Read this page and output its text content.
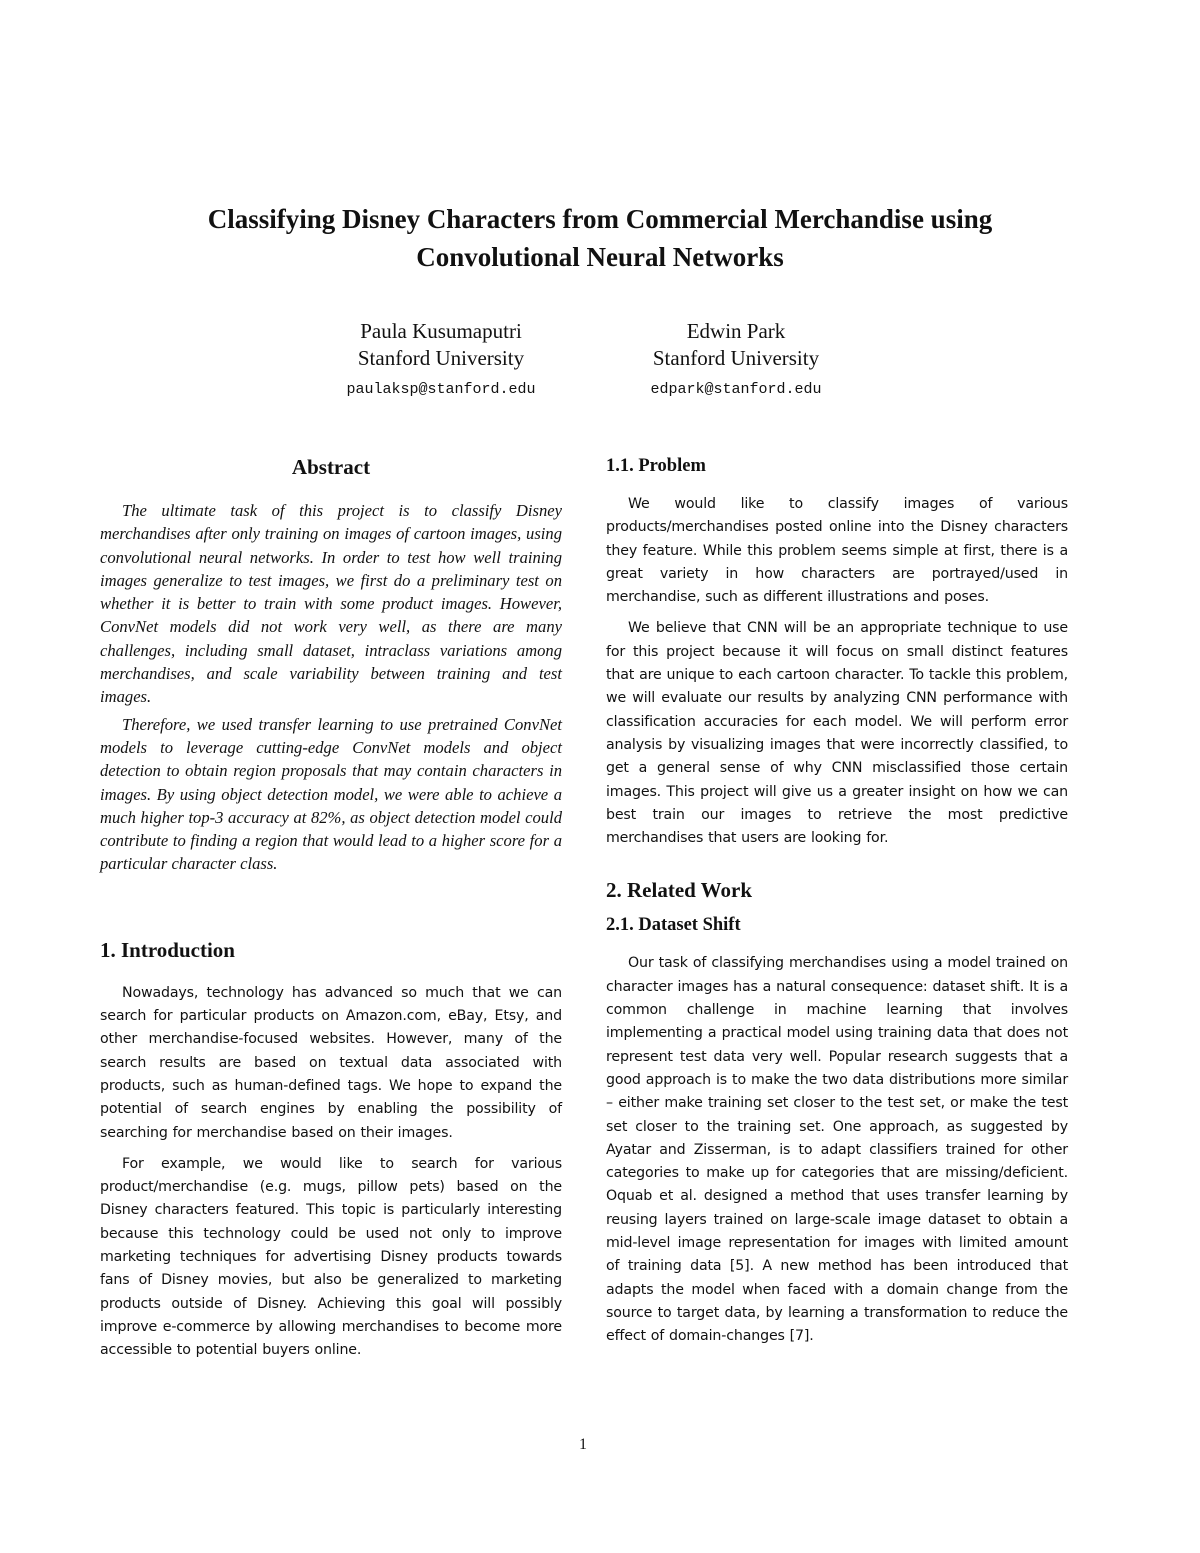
Classifying Disney Characters from Commercial Merchandise using
Convolutional Neural Networks
Paula Kusumaputri
Stanford University
paulaksp@stanford.edu
Edwin Park
Stanford University
edpark@stanford.edu
Abstract

The ultimate task of this project is to classify Disney merchandises after only training on images of cartoon images, using convolutional neural networks. In order to test how well training images generalize to test images, we first do a preliminary test on whether it is better to train with some product images. However, ConvNet models did not work very well, as there are many challenges, including small dataset, intraclass variations among merchandises, and scale variability between training and test images.

Therefore, we used transfer learning to use pretrained ConvNet models to leverage cutting-edge ConvNet models and object detection to obtain region proposals that may contain characters in images. By using object detection model, we were able to achieve a much higher top-3 accuracy at 82%, as object detection model could contribute to finding a region that would lead to a higher score for a particular character class.

1. Introduction

Nowadays, technology has advanced so much that we can search for particular products on Amazon.com, eBay, Etsy, and other merchandise-focused websites. However, many of the search results are based on textual data associated with products, such as human-defined tags. We hope to expand the potential of search engines by enabling the possibility of searching for merchandise based on their images.

For example, we would like to search for various product/merchandise (e.g. mugs, pillow pets) based on the Disney characters featured. This topic is particularly interesting because this technology could be used not only to improve marketing techniques for advertising Disney products towards fans of Disney movies, but also be generalized to marketing products outside of Disney. Achieving this goal will possibly improve e-commerce by allowing merchandises to become more accessible to potential buyers online.

1.1. Problem

We would like to classify images of various products/merchandises posted online into the Disney characters they feature. While this problem seems simple at first, there is a great variety in how characters are portrayed/used in merchandise, such as different illustrations and poses.

We believe that CNN will be an appropriate technique to use for this project because it will focus on small distinct features that are unique to each cartoon character. To tackle this problem, we will evaluate our results by analyzing CNN performance with classification accuracies for each model. We will perform error analysis by visualizing images that were incorrectly classified, to get a general sense of why CNN misclassified those certain images. This project will give us a greater insight on how we can best train our images to retrieve the most predictive merchandises that users are looking for.

2. Related Work
2.1. Dataset Shift

Our task of classifying merchandises using a model trained on character images has a natural consequence: dataset shift. It is a common challenge in machine learning that involves implementing a practical model using training data that does not represent test data very well. Popular research suggests that a good approach is to make the two data distributions more similar – either make training set closer to the test set, or make the test set closer to the training set. One approach, as suggested by Ayatar and Zisserman, is to adapt classifiers trained for other categories to make up for categories that are missing/deficient. Oquab et al. designed a method that uses transfer learning by reusing layers trained on large-scale image dataset to obtain a mid-level image representation for images with limited amount of training data [5]. A new method has been introduced that adapts the model when faced with a domain change from the source to target data, by learning a transformation to reduce the effect of domain-changes [7].

1
